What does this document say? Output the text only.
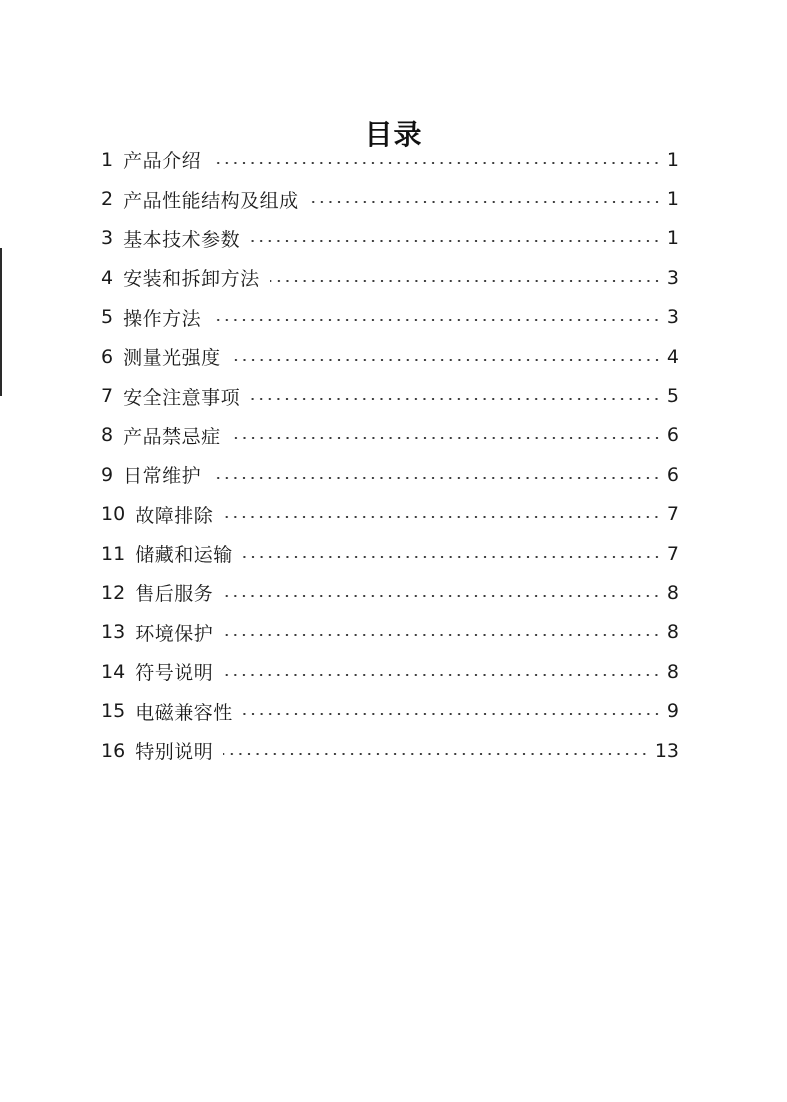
目录
1 产品介绍	1
2 产品性能结构及组成	1
3 基本技术参数	1
4 安装和拆卸方法	3
5 操作方法	3
6 测量光强度	4
7 安全注意事项	5
8 产品禁忌症	6
9 日常维护	6
10 故障排除	7
11 储藏和运输	7
12 售后服务	8
13 环境保护	8
14 符号说明	8
15 电磁兼容性	9
16 特别说明	13
